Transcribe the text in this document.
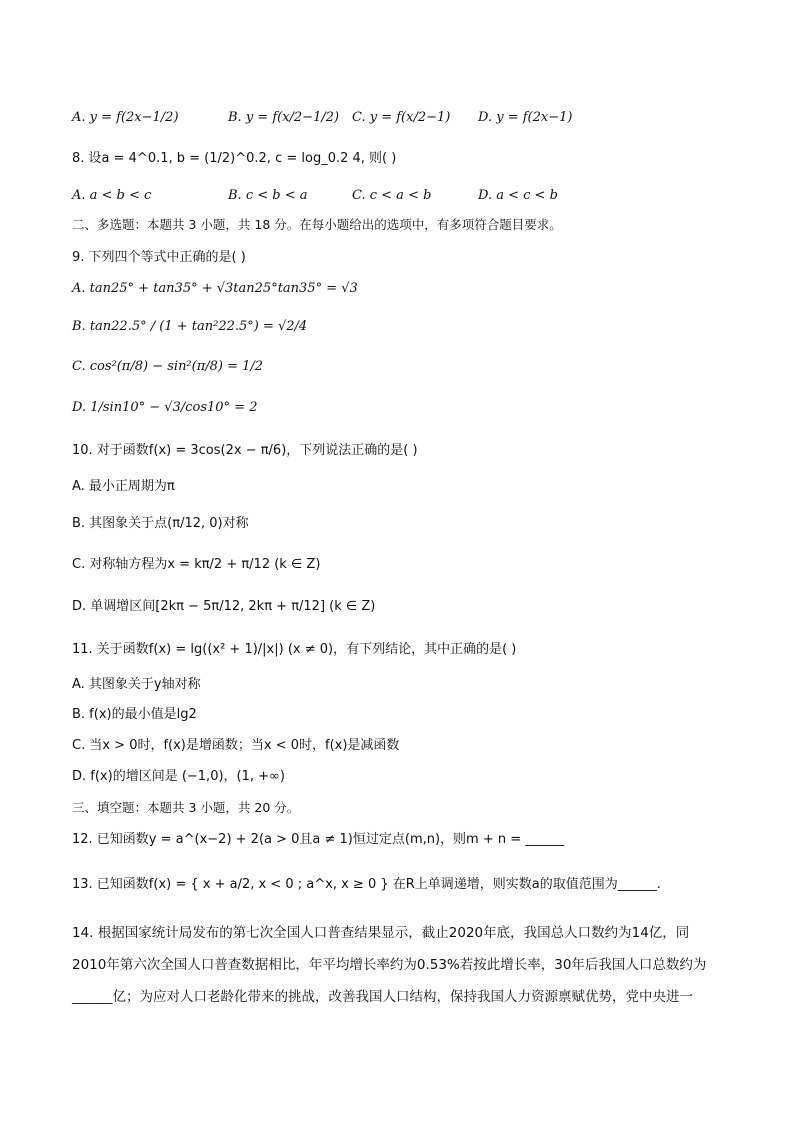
A. y = f(2x−1/2)	B. y = f(x/2−1/2) C. y = f(x/2−1) D. y = f(2x−1)
8. 设a = 4^0.1, b = (1/2)^0.2, c = log_0.2 4, 则( )
A. a < b < c	B. c < b < a	C. c < a < b	D. a < c < b
二、多选题：本题共 3 小题，共 18 分。在每小题给出的选项中，有多项符合题目要求。
9. 下列四个等式中正确的是( )
A. tan25° + tan35° + √3tan25°tan35° = √3
B. tan22.5° / (1 + tan²22.5°) = √2/4
C. cos²(π/8) − sin²(π/8) = 1/2
D. 1/sin10° − √3/cos10° = 2
10. 对于函数f(x) = 3cos(2x − π/6)，下列说法正确的是( )
A. 最小正周期为π
B. 其图象关于点(π/12, 0)对称
C. 对称轴方程为x = kπ/2 + π/12 (k ∈ Z)
D. 单调增区间[2kπ − 5π/12, 2kπ + π/12] (k ∈ Z)
11. 关于函数f(x) = lg((x² + 1)/|x|) (x ≠ 0)，有下列结论，其中正确的是( )
A. 其图象关于y轴对称
B. f(x)的最小值是lg2
C. 当x > 0时，f(x)是增函数；当x < 0时，f(x)是减函数
D. f(x)的增区间是 (−1,0)，(1, +∞)
三、填空题：本题共 3 小题，共 20 分。
12. 已知函数y = a^(x−2) + 2(a > 0且a ≠ 1)恒过定点(m,n)，则m + n = ______
13. 已知函数f(x) = { x + a/2, x < 0 ; a^x, x ≥ 0 } 在R上单调递增，则实数a的取值范围为______.
14. 根据国家统计局发布的第七次全国人口普查结果显示，截止2020年底，我国总人口数约为14亿，同
2010年第六次全国人口普查数据相比，年平均增长率约为0.53%若按此增长率，30年后我国人口总数约为
______亿；为应对人口老龄化带来的挑战，改善我国人口结构，保持我国人力资源禀赋优势，党中央进一
